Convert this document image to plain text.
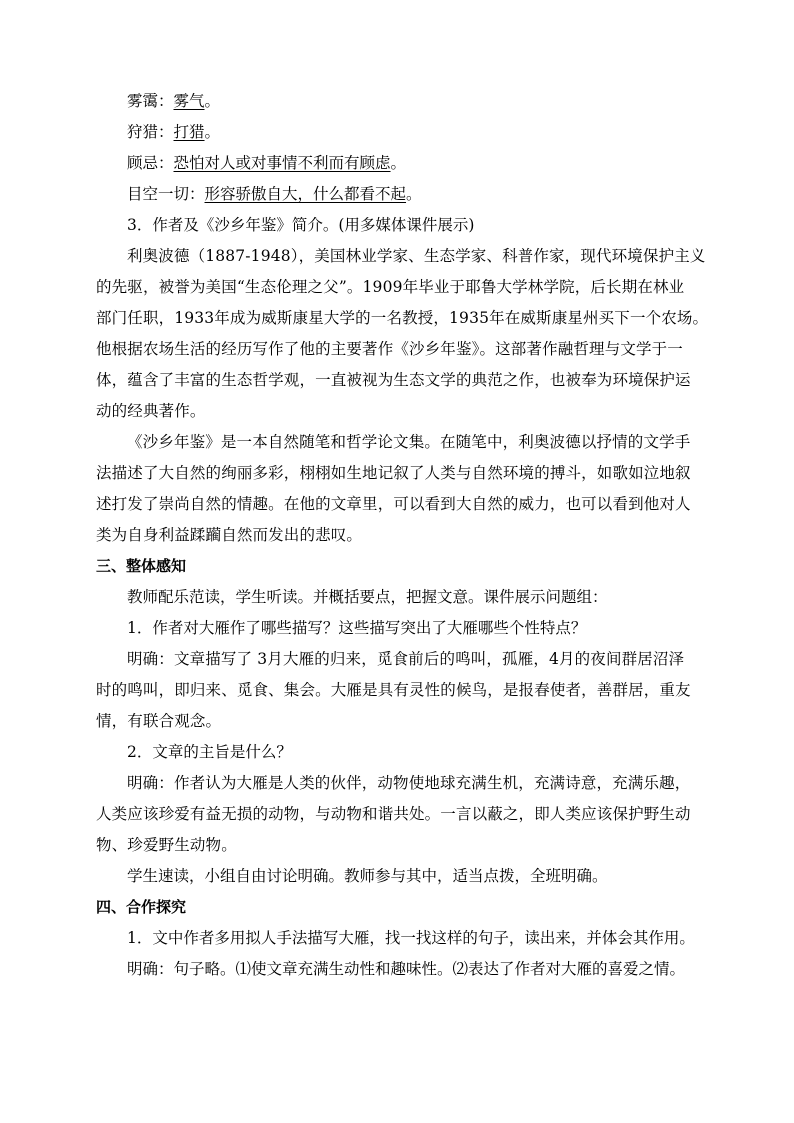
雾霭：雾气。

狩猎：打猎。

顾忌：恐怕对人或对事情不利而有顾虑。

目空一切：形容骄傲自大，什么都看不起。

3．作者及《沙乡年鉴》简介。(用多媒体课件展示)

利奥波德（1887-1948），美国林业学家、生态学家、科普作家，现代环境保护主义

的先驱，被誉为美国“生态伦理之父”。1909年毕业于耶鲁大学林学院，后长期在林业

部门任职，1933年成为威斯康星大学的一名教授，1935年在威斯康星州买下一个农场。

他根据农场生活的经历写作了他的主要著作《沙乡年鉴》。这部著作融哲理与文学于一

体，蕴含了丰富的生态哲学观，一直被视为生态文学的典范之作，也被奉为环境保护运

动的经典著作。

《沙乡年鉴》是一本自然随笔和哲学论文集。在随笔中，利奥波德以抒情的文学手

法描述了大自然的绚丽多彩，栩栩如生地记叙了人类与自然环境的搏斗，如歌如泣地叙

述打发了崇尚自然的情趣。在他的文章里，可以看到大自然的威力，也可以看到他对人

类为自身利益蹂躏自然而发出的悲叹。

三、整体感知

教师配乐范读，学生听读。并概括要点，把握文意。课件展示问题组：

1．作者对大雁作了哪些描写？这些描写突出了大雁哪些个性特点？

明确：文章描写了 3月大雁的归来，觅食前后的鸣叫，孤雁，4月的夜间群居沼泽

时的鸣叫，即归来、觅食、集会。大雁是具有灵性的候鸟，是报春使者，善群居，重友

情，有联合观念。

2．文章的主旨是什么？

明确：作者认为大雁是人类的伙伴，动物使地球充满生机，充满诗意，充满乐趣，

人类应该珍爱有益无损的动物，与动物和谐共处。一言以蔽之，即人类应该保护野生动

物、珍爱野生动物。

学生速读，小组自由讨论明确。教师参与其中，适当点拨，全班明确。

四、合作探究

1．文中作者多用拟人手法描写大雁，找一找这样的句子，读出来，并体会其作用。

明确：句子略。⑴使文章充满生动性和趣味性。⑵表达了作者对大雁的喜爱之情。
